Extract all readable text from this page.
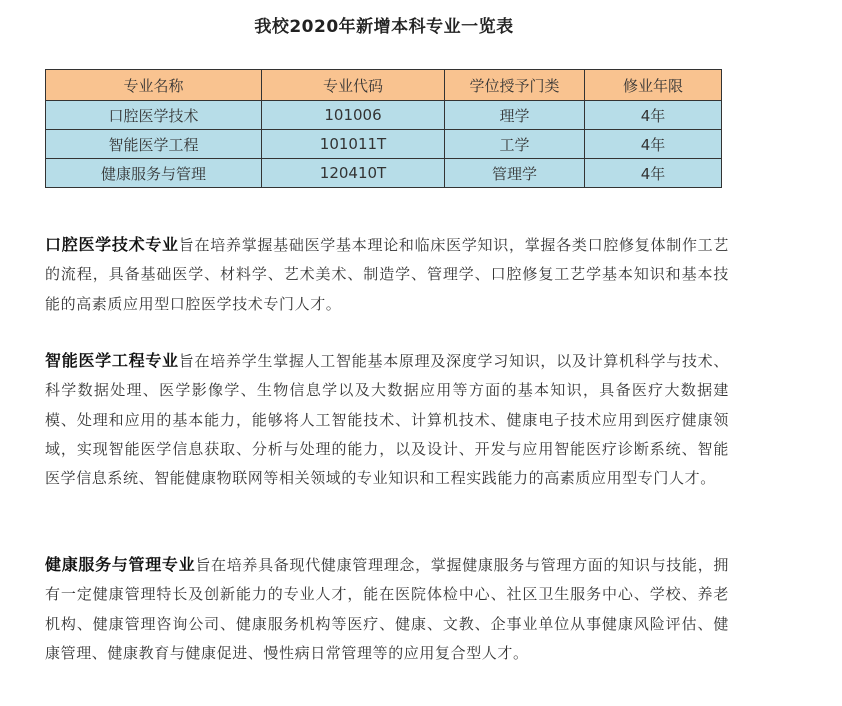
我校2020年新增本科专业一览表
专业名称	专业代码	学位授予门类	修业年限
口腔医学技术	101006	理学	4年
智能医学工程	101011T	工学	4年
健康服务与管理	120410T	管理学	4年

口腔医学技术专业旨在培养掌握基础医学基本理论和临床医学知识，掌握各类口腔修复体制作工艺的流程，具备基础医学、材料学、艺术美术、制造学、管理学、口腔修复工艺学基本知识和基本技能的高素质应用型口腔医学技术专门人才。

智能医学工程专业旨在培养学生掌握人工智能基本原理及深度学习知识，以及计算机科学与技术、科学数据处理、医学影像学、生物信息学以及大数据应用等方面的基本知识，具备医疗大数据建模、处理和应用的基本能力，能够将人工智能技术、计算机技术、健康电子技术应用到医疗健康领域，实现智能医学信息获取、分析与处理的能力，以及设计、开发与应用智能医疗诊断系统、智能医学信息系统、智能健康物联网等相关领域的专业知识和工程实践能力的高素质应用型专门人才。

健康服务与管理专业旨在培养具备现代健康管理理念，掌握健康服务与管理方面的知识与技能，拥有一定健康管理特长及创新能力的专业人才，能在医院体检中心、社区卫生服务中心、学校、养老机构、健康管理咨询公司、健康服务机构等医疗、健康、文教、企事业单位从事健康风险评估、健康管理、健康教育与健康促进、慢性病日常管理等的应用复合型人才。
